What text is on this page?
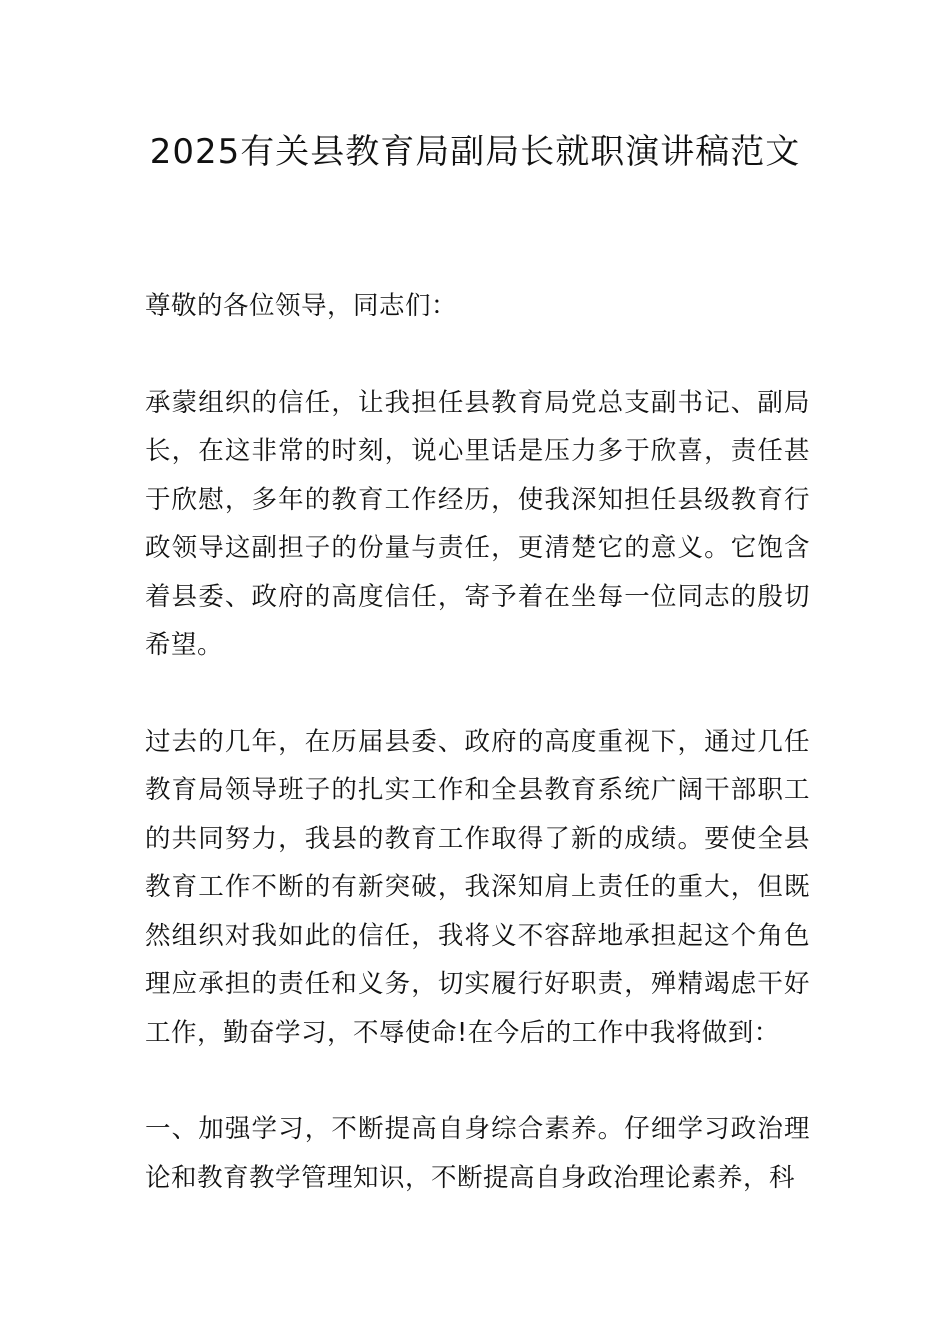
2025有关县教育局副局长就职演讲稿范文

尊敬的各位领导，同志们：

承蒙组织的信任，让我担任县教育局党总支副书记、副局长，在这非常的时刻，说心里话是压力多于欣喜，责任甚于欣慰，多年的教育工作经历，使我深知担任县级教育行政领导这副担子的份量与责任，更清楚它的意义。它饱含着县委、政府的高度信任，寄予着在坐每一位同志的殷切希望。

过去的几年，在历届县委、政府的高度重视下，通过几任教育局领导班子的扎实工作和全县教育系统广阔干部职工的共同努力，我县的教育工作取得了新的成绩。要使全县教育工作不断的有新突破，我深知肩上责任的重大，但既然组织对我如此的信任，我将义不容辞地承担起这个角色理应承担的责任和义务，切实履行好职责，殚精竭虑干好工作，勤奋学习，不辱使命!在今后的工作中我将做到：

一、加强学习，不断提高自身综合素养。仔细学习政治理论和教育教学管理知识，不断提高自身政治理论素养，科
